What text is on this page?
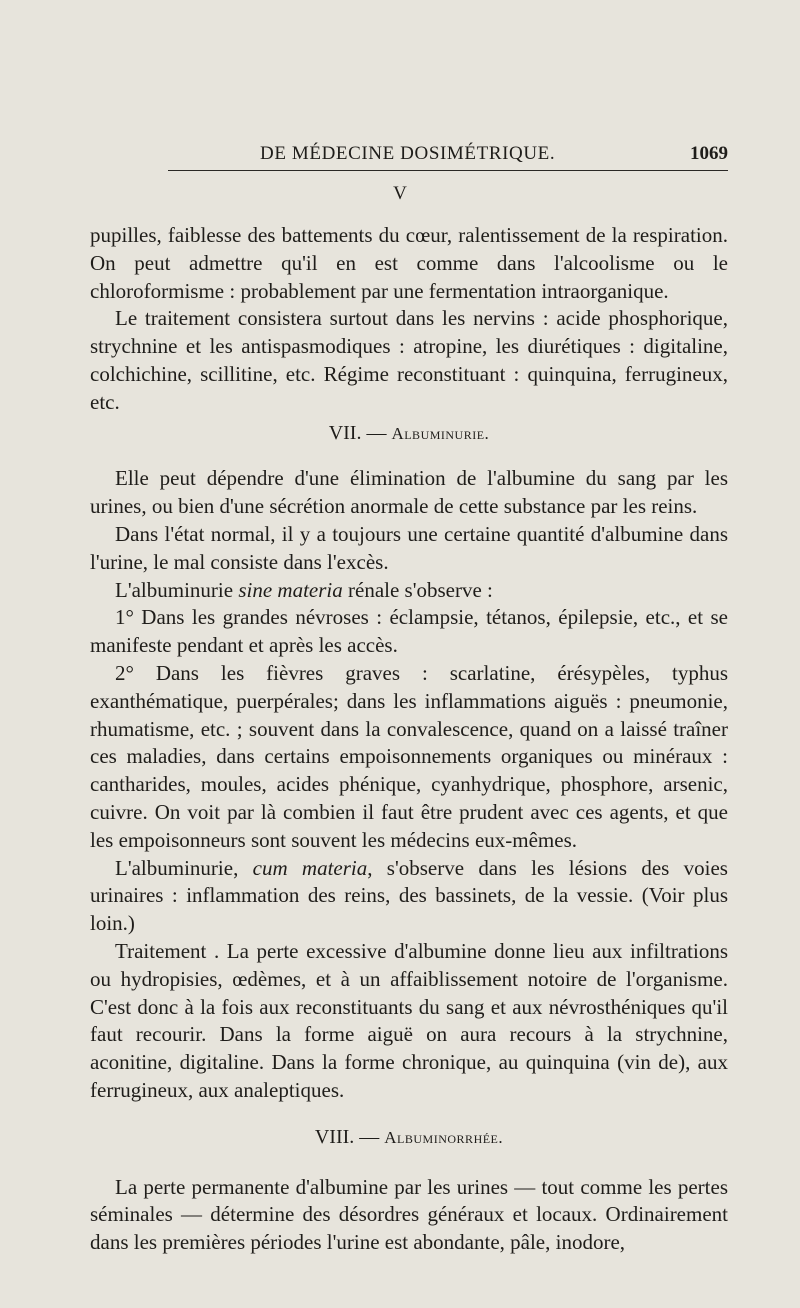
DE MÉDECINE DOSIMÉTRIQUE.	1069
V

pupilles, faiblesse des battements du cœur, ralentissement de la respiration. On peut admettre qu'il en est comme dans l'alcoolisme ou le chloroformisme : probablement par une fermentation intraorganique.

Le traitement consistera surtout dans les nervins : acide phosphorique, strychnine et les antispasmodiques : atropine, les diurétiques : digitaline, colchichine, scillitine, etc. Régime reconstituant : quinquina, ferrugineux, etc.

VII. — Albuminurie.

Elle peut dépendre d'une élimination de l'albumine du sang par les urines, ou bien d'une sécrétion anormale de cette substance par les reins.

Dans l'état normal, il y a toujours une certaine quantité d'albumine dans l'urine, le mal consiste dans l'excès.

L'albuminurie sine materia rénale s'observe :

1° Dans les grandes névroses : éclampsie, tétanos, épilepsie, etc., et se manifeste pendant et après les accès.

2° Dans les fièvres graves : scarlatine, érésypèles, typhus exanthématique, puerpérales; dans les inflammations aiguës : pneumonie, rhumatisme, etc. ; souvent dans la convalescence, quand on a laissé traîner ces maladies, dans certains empoisonnements organiques ou minéraux : cantharides, moules, acides phénique, cyanhydrique, phosphore, arsenic, cuivre. On voit par là combien il faut être prudent avec ces agents, et que les empoisonneurs sont souvent les médecins eux-mêmes.

L'albuminurie, cum materia, s'observe dans les lésions des voies urinaires : inflammation des reins, des bassinets, de la vessie. (Voir plus loin.)

Traitement . La perte excessive d'albumine donne lieu aux infiltrations ou hydropisies, œdèmes, et à un affaiblissement notoire de l'organisme. C'est donc à la fois aux reconstituants du sang et aux névrosthéniques qu'il faut recourir. Dans la forme aiguë on aura recours à la strychnine, aconitine, digitaline. Dans la forme chronique, au quinquina (vin de), aux ferrugineux, aux analeptiques.

VIII. — Albuminorrhée.

La perte permanente d'albumine par les urines — tout comme les pertes séminales — détermine des désordres généraux et locaux. Ordinairement dans les premières périodes l'urine est abondante, pâle, inodore,
